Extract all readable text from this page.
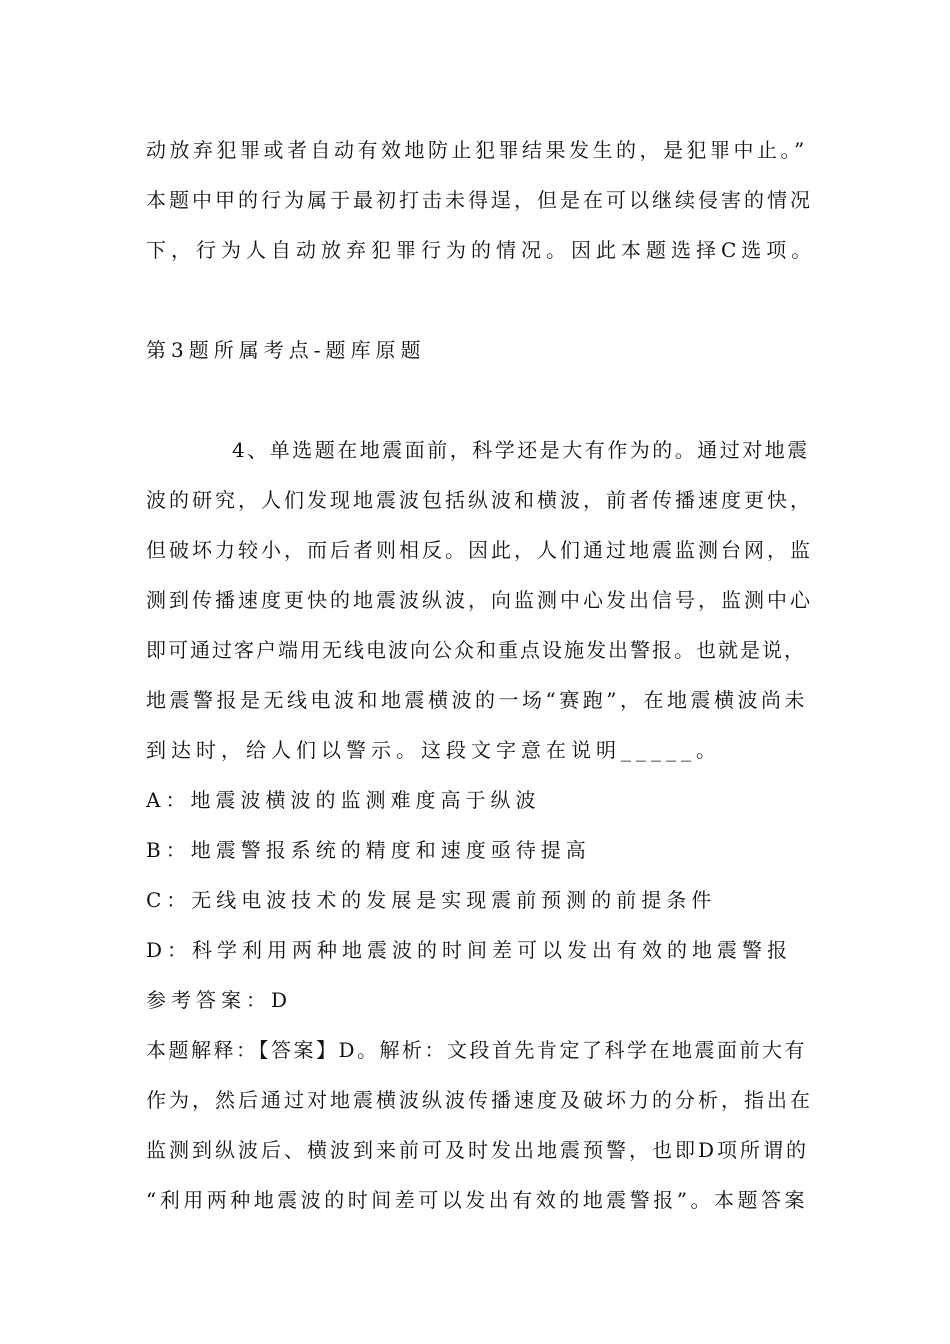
动放弃犯罪或者自动有效地防止犯罪结果发生的，是犯罪中止。”
本题中甲的行为属于最初打击未得逞，但是在可以继续侵害的情况
下，行为人自动放弃犯罪行为的情况。因此本题选择C选项。
第3题所属考点-题库原题
4、单选题在地震面前，科学还是大有作为的。通过对地震
波的研究，人们发现地震波包括纵波和横波，前者传播速度更快，
但破坏力较小，而后者则相反。因此，人们通过地震监测台网，监
测到传播速度更快的地震波纵波，向监测中心发出信号，监测中心
即可通过客户端用无线电波向公众和重点设施发出警报。也就是说，
地震警报是无线电波和地震横波的一场“赛跑”，在地震横波尚未
到达时，给人们以警示。这段文字意在说明_____。
A：地震波横波的监测难度高于纵波
B：地震警报系统的精度和速度亟待提高
C：无线电波技术的发展是实现震前预测的前提条件
D：科学利用两种地震波的时间差可以发出有效的地震警报
参考答案：D
本题解释：【答案】D。解析：文段首先肯定了科学在地震面前大有
作为，然后通过对地震横波纵波传播速度及破坏力的分析，指出在
监测到纵波后、横波到来前可及时发出地震预警，也即D项所谓的
“利用两种地震波的时间差可以发出有效的地震警报”。本题答案
